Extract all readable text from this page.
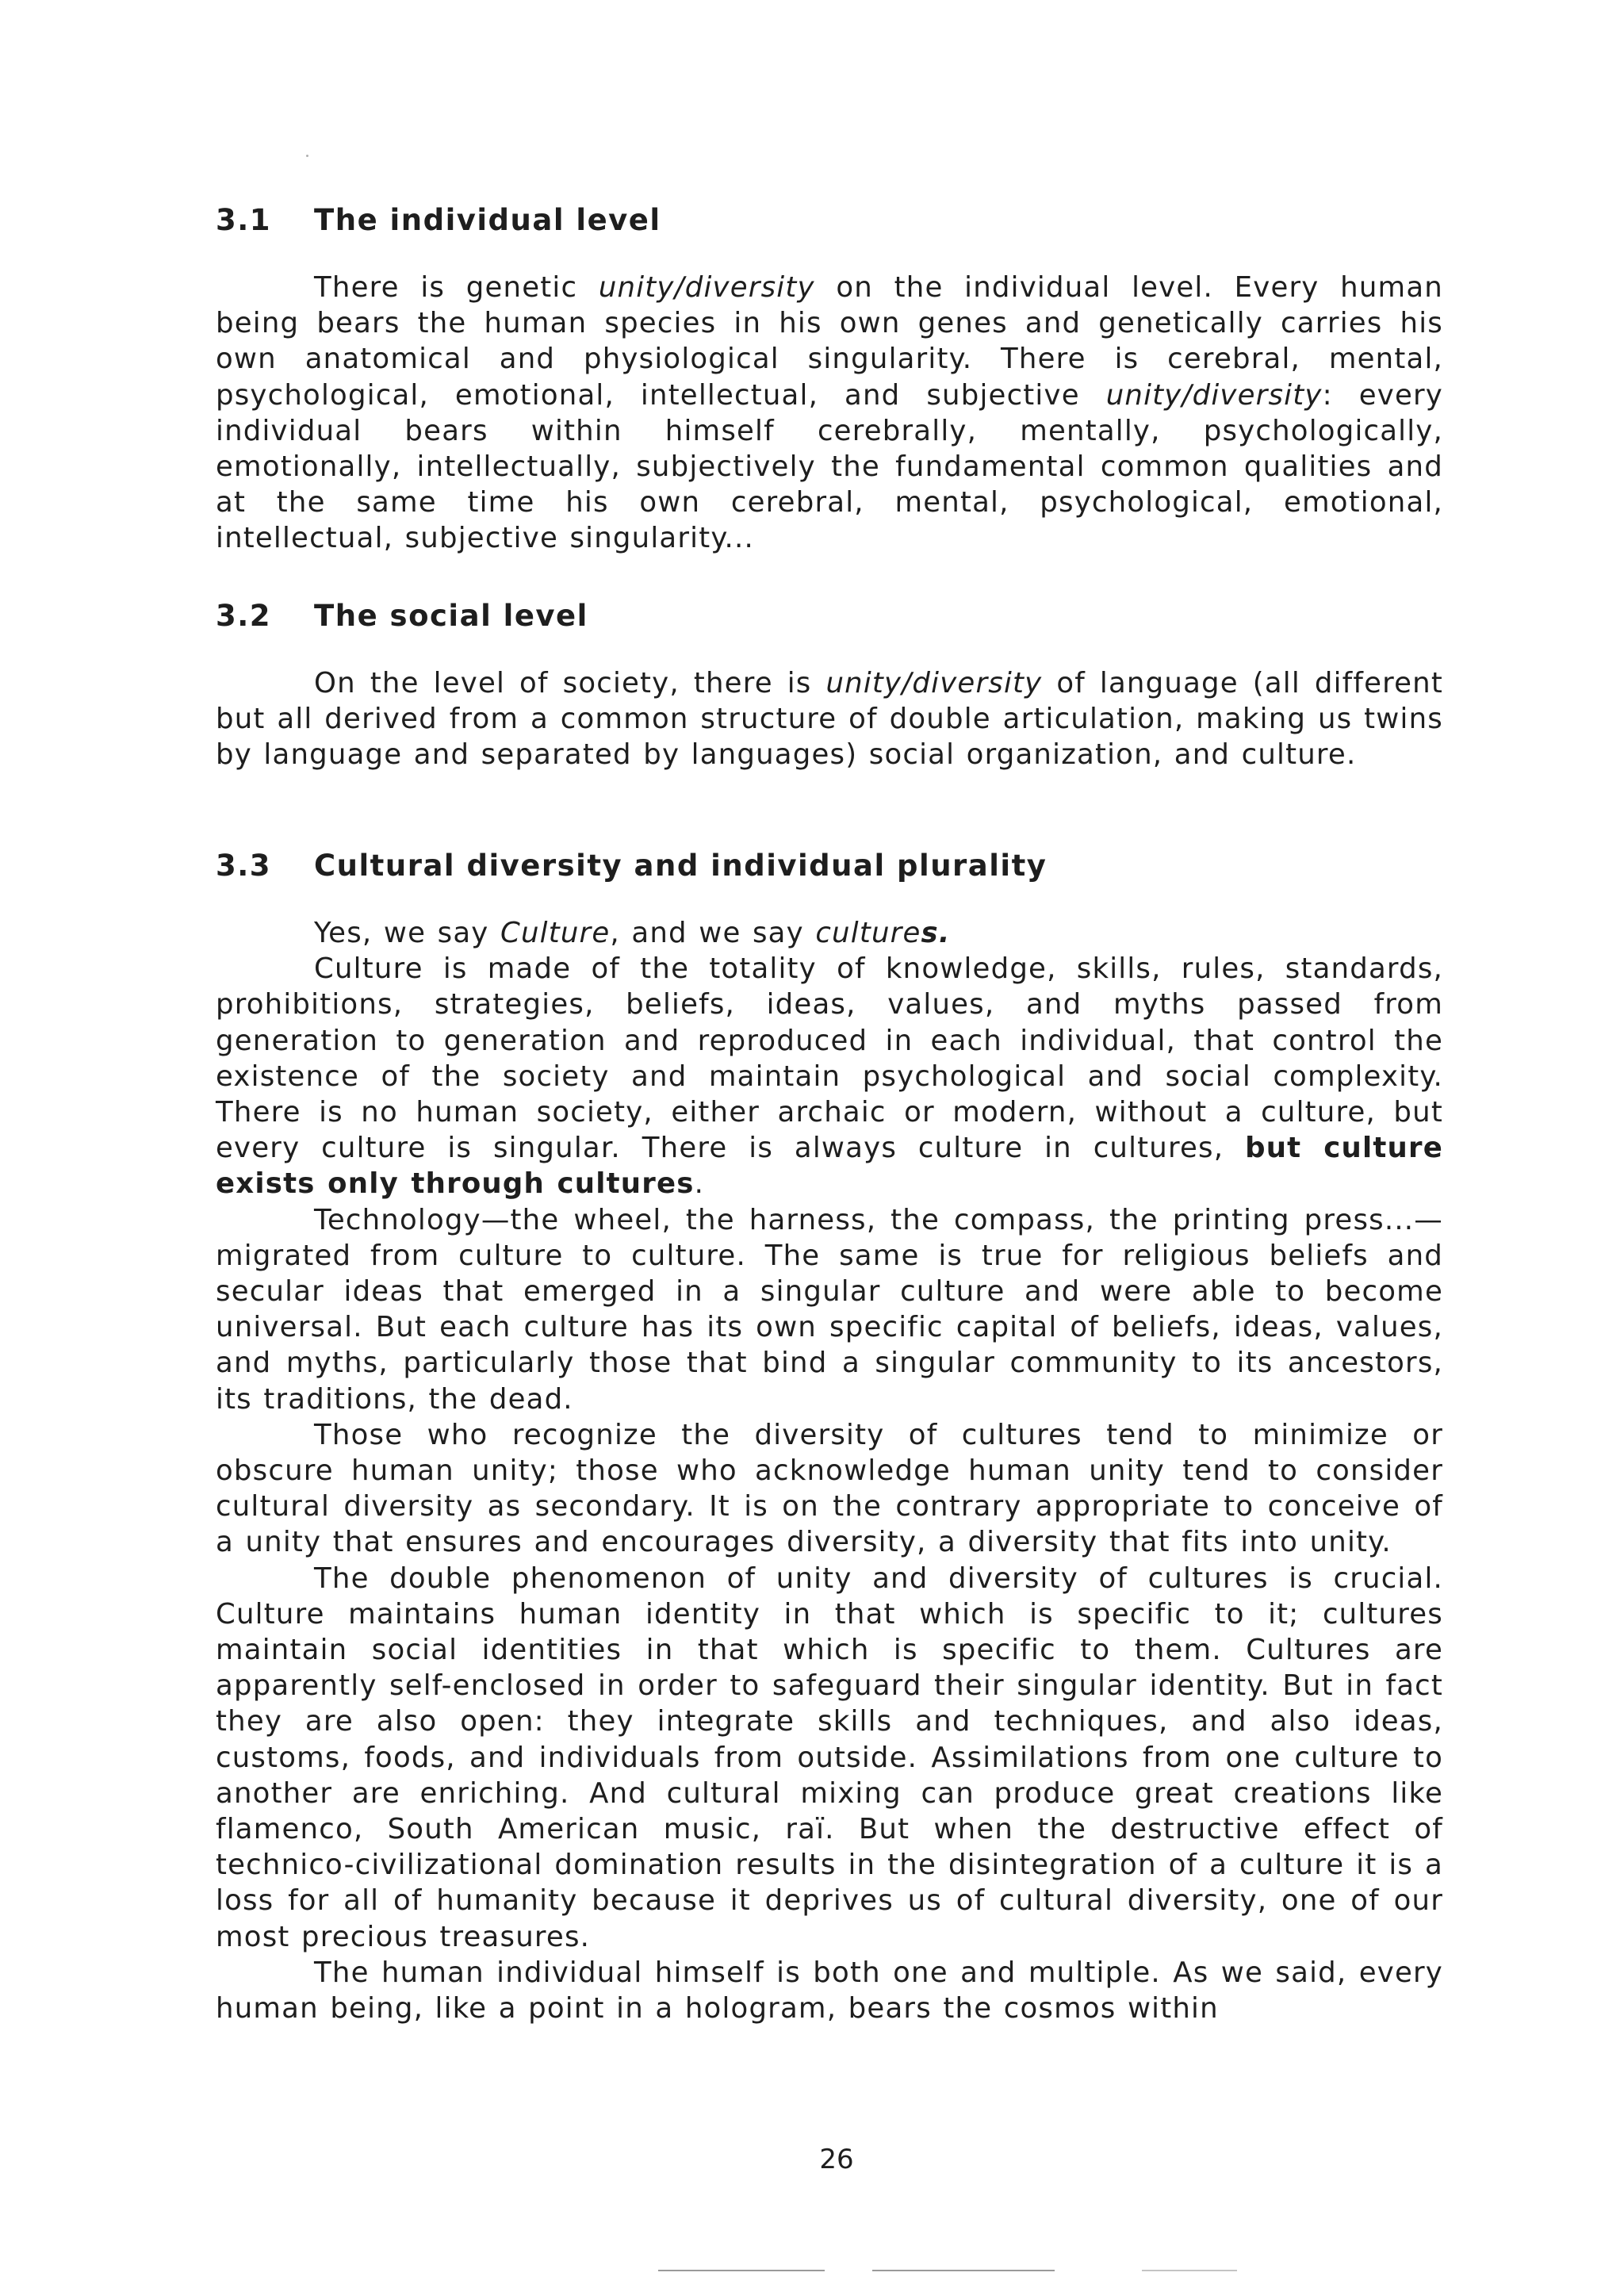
3.1	The individual level

There is genetic unity/diversity on the individual level. Every human being bears the human species in his own genes and genetically carries his own anatomical and physiological singularity. There is cerebral, mental, psychological, emotional, intellectual, and subjective unity/diversity: every individual bears within himself cerebrally, mentally, psychologically, emotionally, intellectually, subjectively the fundamental common qualities and at the same time his own cerebral, mental, psychological, emotional, intellectual, subjective singularity...

3.2	The social level

On the level of society, there is unity/diversity of language (all different but all derived from a common structure of double articulation, making us twins by language and separated by languages) social organization, and culture.

3.3	Cultural diversity and individual plurality

Yes, we say Culture, and we say cultures.

Culture is made of the totality of knowledge, skills, rules, standards, prohibitions, strategies, beliefs, ideas, values, and myths passed from generation to generation and reproduced in each individual, that control the existence of the society and maintain psychological and social complexity. There is no human society, either archaic or modern, without a culture, but every culture is singular. There is always culture in cultures, but culture exists only through cultures.

Technology—the wheel, the harness, the compass, the printing press...—migrated from culture to culture. The same is true for religious beliefs and secular ideas that emerged in a singular culture and were able to become universal. But each culture has its own specific capital of beliefs, ideas, values, and myths, particularly those that bind a singular community to its ancestors, its traditions, the dead.

Those who recognize the diversity of cultures tend to minimize or obscure human unity; those who acknowledge human unity tend to consider cultural diversity as secondary. It is on the contrary appropriate to conceive of a unity that ensures and encourages diversity, a diversity that fits into unity.

The double phenomenon of unity and diversity of cultures is crucial. Culture maintains human identity in that which is specific to it; cultures maintain social identities in that which is specific to them. Cultures are apparently self-enclosed in order to safeguard their singular identity. But in fact they are also open: they integrate skills and techniques, and also ideas, customs, foods, and individuals from outside. Assimilations from one culture to another are enriching. And cultural mixing can produce great creations like flamenco, South American music, raï. But when the destructive effect of technico-civilizational domination results in the disintegration of a culture it is a loss for all of humanity because it deprives us of cultural diversity, one of our most precious treasures.

The human individual himself is both one and multiple. As we said, every human being, like a point in a hologram, bears the cosmos within

26
